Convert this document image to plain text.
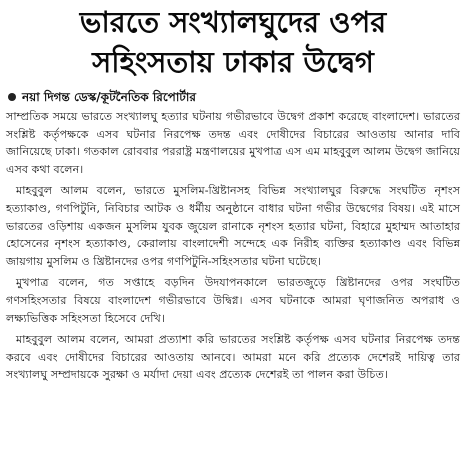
ভারতে সংখ্যালঘুদের ওপর
সহিংসতায় ঢাকার উদ্বেগ
নয়া দিগন্ত ডেস্ক/কূটনৈতিক রিপোর্টার

সাম্প্রতিক সময়ে ভারতে সংখ্যালঘু হত্যার ঘটনায় গভীরভাবে উদ্বেগ প্রকাশ করেছে বাংলাদেশ। ভারতের সংশ্লিষ্ট কর্তৃপক্ষকে এসব ঘটনার নিরপেক্ষ তদন্ত এবং দোষীদের বিচারের আওতায় আনার দাবি জানিয়েছে ঢাকা। গতকাল রোববার পররাষ্ট্র মন্ত্রণালয়ের মুখপাত্র এস এম মাহবুবুল আলম উদ্বেগ জানিয়ে এসব কথা বলেন।

মাহবুবুল আলম বলেন, ভারতে মুসলিম-খ্রিষ্টানসহ বিভিন্ন সংখ্যালঘুর বিরুদ্ধে সংঘটিত নৃশংস হত্যাকাণ্ড, গণপিটুনি, নিবিচার আটক ও ধর্মীয় অনুষ্ঠানে বাধার ঘটনা গভীর উদ্বেগের বিষয়। এই মাসে ভারতের ওড়িশায় একজন মুসলিম যুবক জুয়েল রানাকে নৃশংস হত্যার ঘটনা, বিহারে মুহাম্মদ আতাহার হোসেনের নৃশংস হত্যাকাণ্ড, কেরালায় বাংলাদেশী সন্দেহে এক নিরীহ ব্যক্তির হত্যাকাণ্ড এবং বিভিন্ন জায়গায় মুসলিম ও খ্রিষ্টানদের ওপর গণপিটুনি-সহিংসতার ঘটনা ঘটেছে।

মুখপাত্র বলেন, গত সপ্তাহে বড়দিন উদযাপনকালে ভারতজুড়ে খ্রিষ্টানদের ওপর সংঘটিত গণসহিংসতার বিষয়ে বাংলাদেশ গভীরভাবে উদ্বিগ্ন। এসব ঘটনাকে আমরা ঘৃণাজনিত অপরাধ ও লক্ষ্যভিত্তিক সহিংসতা হিসেবে দেখি।

মাহবুবুল আলম বলেন, আমরা প্রত্যাশা করি ভারতের সংশ্লিষ্ট কর্তৃপক্ষ এসব ঘটনার নিরপেক্ষ তদন্ত করবে এবং দোষীদের বিচারের আওতায় আনবে। আমরা মনে করি প্রত্যেক দেশেরই দায়িত্ব তার সংখ্যালঘু সম্প্রদায়কে সুরক্ষা ও মর্যাদা দেয়া এবং প্রত্যেক দেশেরই তা পালন করা উচিত।
